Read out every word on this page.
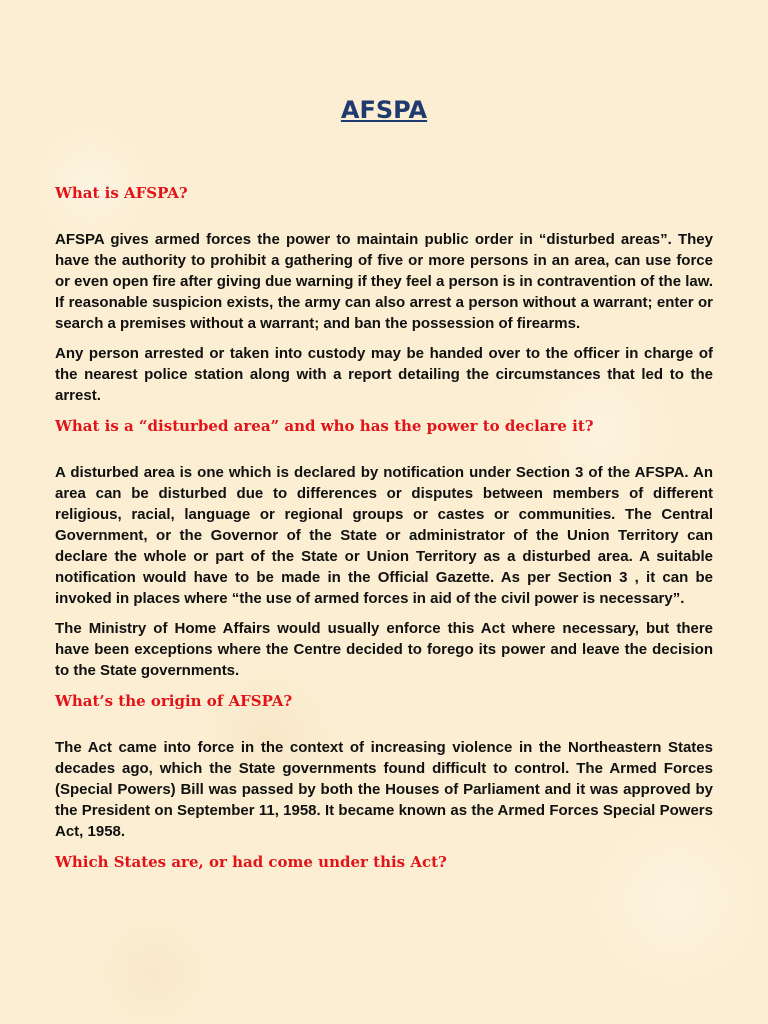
AFSPA
What is AFSPA?

AFSPA gives armed forces the power to maintain public order in “disturbed areas”. They have the authority to prohibit a gathering of five or more persons in an area, can use force or even open fire after giving due warning if they feel a person is in contravention of the law. If reasonable suspicion exists, the army can also arrest a person without a warrant; enter or search a premises without a warrant; and ban the possession of firearms.

Any person arrested or taken into custody may be handed over to the officer in charge of the nearest police station along with a report detailing the circumstances that led to the arrest.

What is a “disturbed area” and who has the power to declare it?

A disturbed area is one which is declared by notification under Section 3 of the AFSPA. An area can be disturbed due to differences or disputes between members of different religious, racial, language or regional groups or castes or communities. The Central Government, or the Governor of the State or administrator of the Union Territory can declare the whole or part of the State or Union Territory as a disturbed area. A suitable notification would have to be made in the Official Gazette. As per Section 3 , it can be invoked in places where “the use of armed forces in aid of the civil power is necessary”.

The Ministry of Home Affairs would usually enforce this Act where necessary, but there have been exceptions where the Centre decided to forego its power and leave the decision to the State governments.

What’s the origin of AFSPA?

The Act came into force in the context of increasing violence in the Northeastern States decades ago, which the State governments found difficult to control. The Armed Forces (Special Powers) Bill was passed by both the Houses of Parliament and it was approved by the President on September 11, 1958. It became known as the Armed Forces Special Powers Act, 1958.

Which States are, or had come under this Act?
